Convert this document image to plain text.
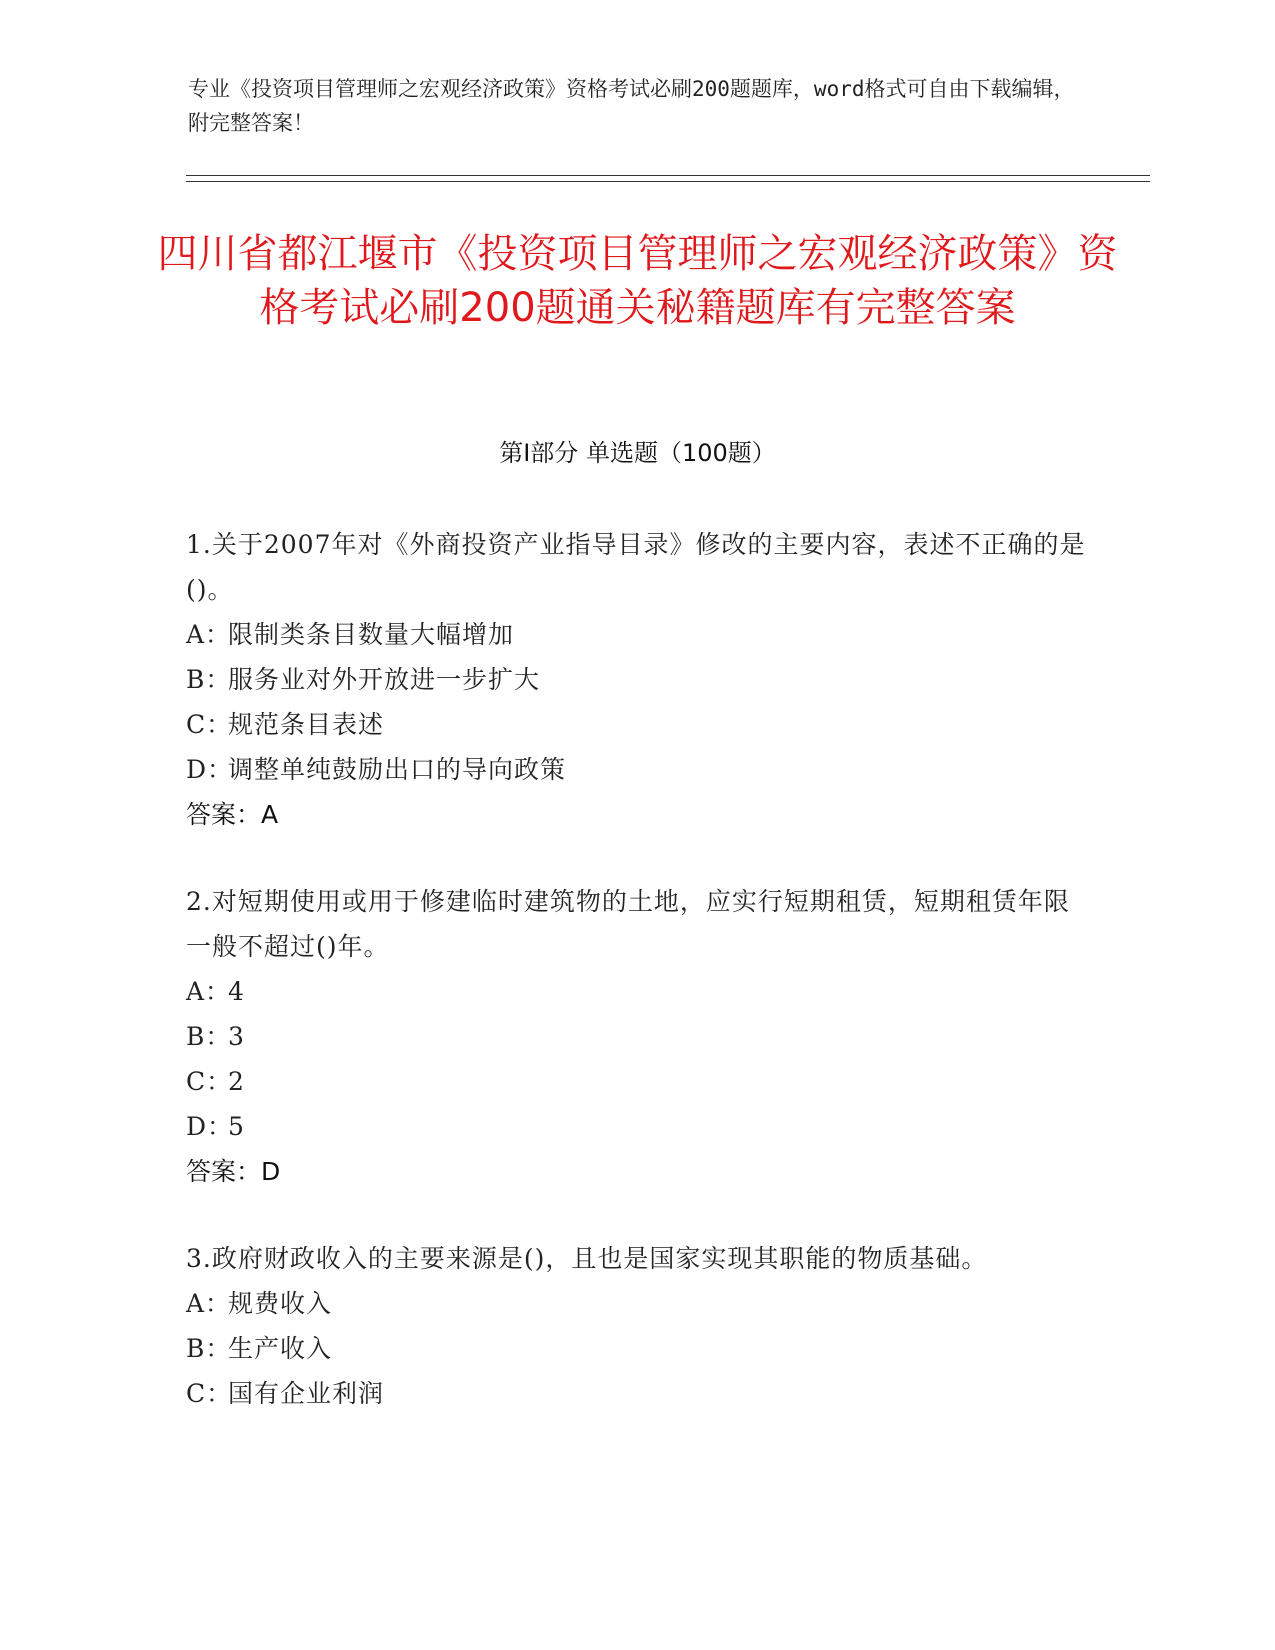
专业《投资项目管理师之宏观经济政策》资格考试必刷200题题库，word格式可自由下载编辑，附完整答案！

四川省都江堰市《投资项目管理师之宏观经济政策》资格考试必刷200题通关秘籍题库有完整答案
第Ⅰ部分 单选题（100题）

1.关于2007年对《外商投资产业指导目录》修改的主要内容，表述不正确的是()。

A：
限制类条目数量大幅增加

B：
服务业对外开放进一步扩大

C：
规范条目表述

D：
调整单纯鼓励出口的导向政策

答案：A

2.对短期使用或用于修建临时建筑物的土地，应实行短期租赁，短期租赁年限一般不超过()年。

A：
4

B：
3

C：
2

D：
5

答案：D

3.政府财政收入的主要来源是()，且也是国家实现其职能的物质基础。

A：
规费收入

B：
生产收入

C：
国有企业利润
